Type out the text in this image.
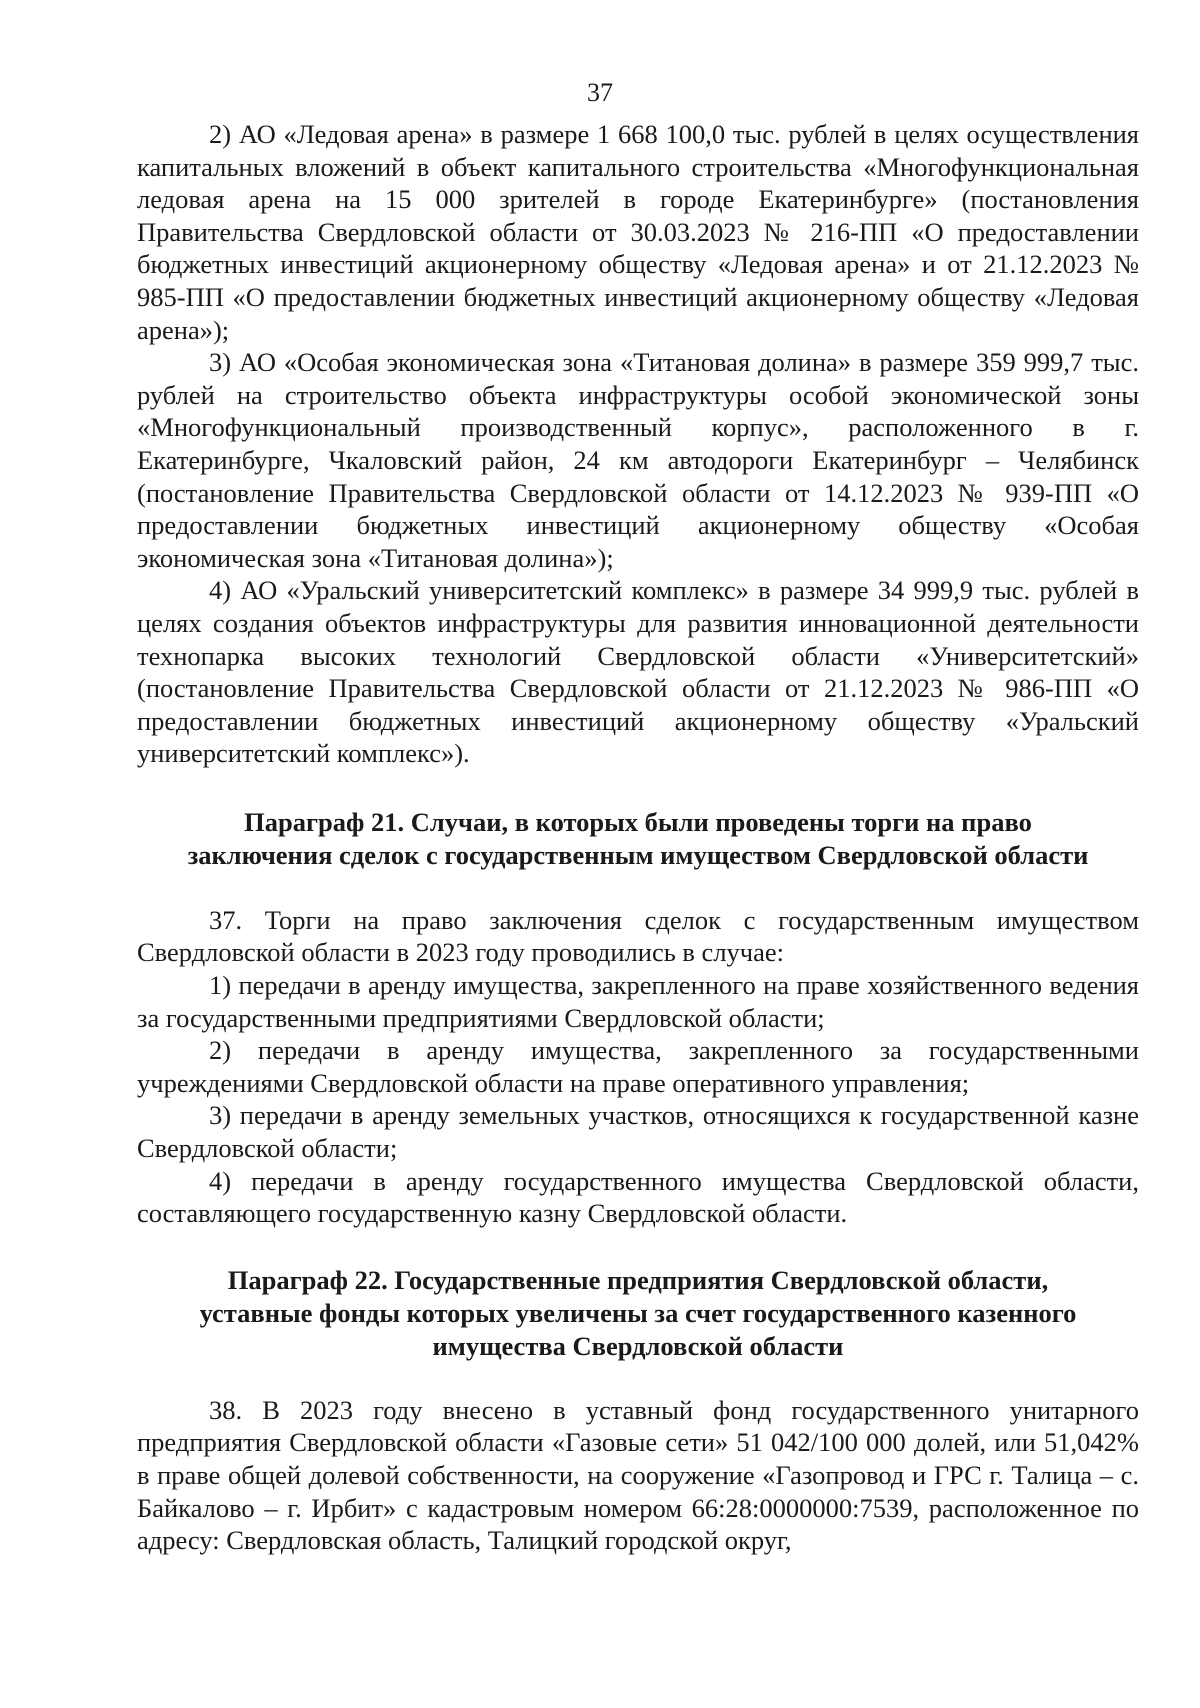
37

2) АО «Ледовая арена» в размере 1 668 100,0 тыс. рублей в целях осуществления капитальных вложений в объект капитального строительства «Многофункциональная ледовая арена на 15 000 зрителей в городе Екатеринбурге» (постановления Правительства Свердловской области от 30.03.2023 № 216-ПП «О предоставлении бюджетных инвестиций акционерному обществу «Ледовая арена» и от 21.12.2023 № 985-ПП «О предоставлении бюджетных инвестиций акционерному обществу «Ледовая арена»);

3) АО «Особая экономическая зона «Титановая долина» в размере 359 999,7 тыс. рублей на строительство объекта инфраструктуры особой экономической зоны «Многофункциональный производственный корпус», расположенного в г. Екатеринбурге, Чкаловский район, 24 км автодороги Екатеринбург – Челябинск (постановление Правительства Свердловской области от 14.12.2023 № 939-ПП «О предоставлении бюджетных инвестиций акционерному обществу «Особая экономическая зона «Титановая долина»);

4) АО «Уральский университетский комплекс» в размере 34 999,9 тыс. рублей в целях создания объектов инфраструктуры для развития инновационной деятельности технопарка высоких технологий Свердловской области «Университетский» (постановление Правительства Свердловской области от 21.12.2023 № 986-ПП «О предоставлении бюджетных инвестиций акционерному обществу «Уральский университетский комплекс»).

Параграф 21. Случаи, в которых были проведены торги на право
заключения сделок с государственным имуществом Свердловской области

37. Торги на право заключения сделок с государственным имуществом Свердловской области в 2023 году проводились в случае:

1) передачи в аренду имущества, закрепленного на праве хозяйственного ведения за государственными предприятиями Свердловской области;

2) передачи в аренду имущества, закрепленного за государственными учреждениями Свердловской области на праве оперативного управления;

3) передачи в аренду земельных участков, относящихся к государственной казне Свердловской области;

4) передачи в аренду государственного имущества Свердловской области, составляющего государственную казну Свердловской области.

Параграф 22. Государственные предприятия Свердловской области,
уставные фонды которых увеличены за счет государственного казенного
имущества Свердловской области

38. В 2023 году внесено в уставный фонд государственного унитарного предприятия Свердловской области «Газовые сети» 51 042/100 000 долей, или 51,042% в праве общей долевой собственности, на сооружение «Газопровод и ГРС г. Талица – с. Байкалово – г. Ирбит» с кадастровым номером 66:28:0000000:7539, расположенное по адресу: Свердловская область, Талицкий городской округ,
